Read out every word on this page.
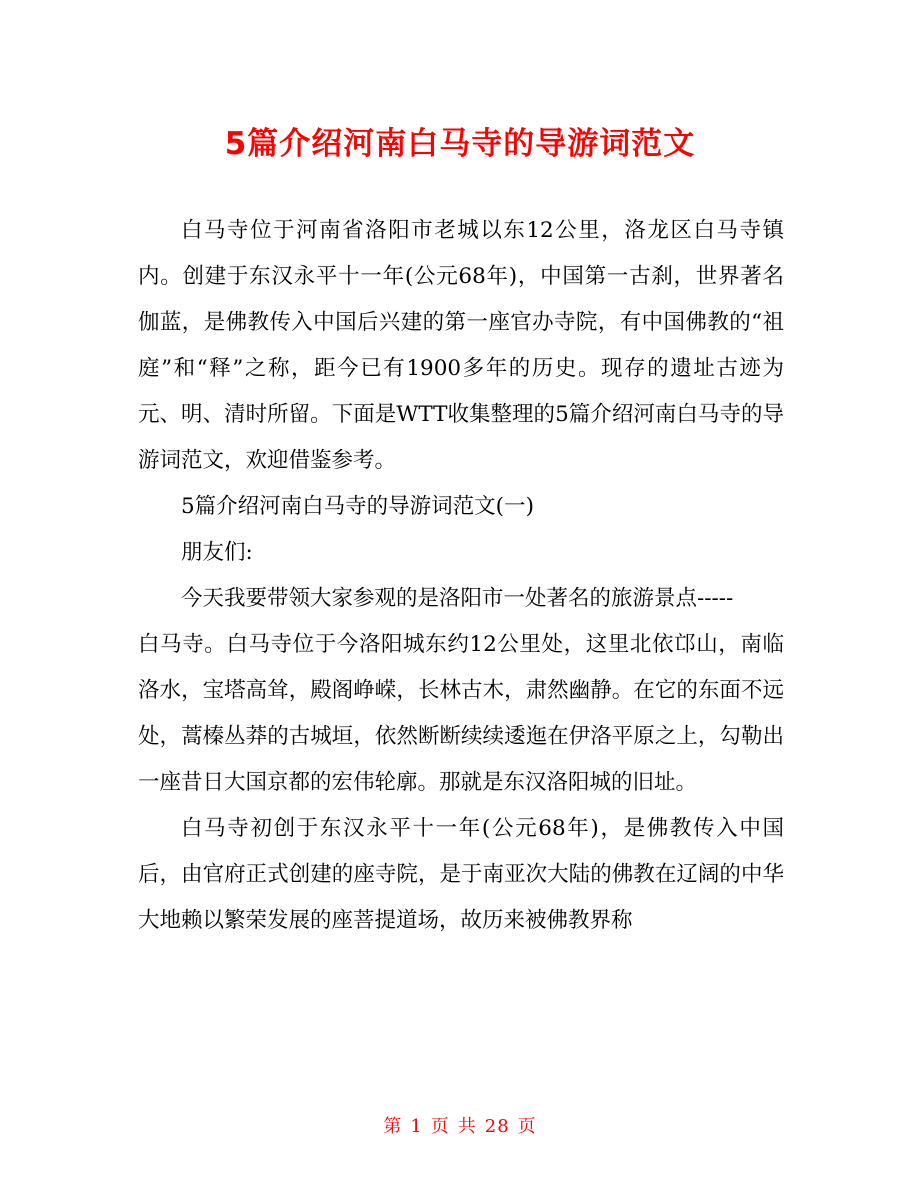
5篇介绍河南白马寺的导游词范文

白马寺位于河南省洛阳市老城以东12公里，洛龙区白马寺镇内。创建于东汉永平十一年(公元68年)，中国第一古刹，世界著名伽蓝，是佛教传入中国后兴建的第一座官办寺院，有中国佛教的“祖庭”和“释”之称，距今已有1900多年的历史。现存的遗址古迹为元、明、清时所留。下面是WTT收集整理的5篇介绍河南白马寺的导游词范文，欢迎借鉴参考。

5篇介绍河南白马寺的导游词范文(一)

朋友们:

今天我要带领大家参观的是洛阳市一处著名的旅游景点-----

白马寺。白马寺位于今洛阳城东约12公里处，这里北依邙山，南临洛水，宝塔高耸，殿阁峥嵘，长林古木，肃然幽静。在它的东面不远处，蒿榛丛莽的古城垣，依然断断续续逶迤在伊洛平原之上，勾勒出一座昔日大国京都的宏伟轮廓。那就是东汉洛阳城的旧址。

白马寺初创于东汉永平十一年(公元68年)，是佛教传入中国后，由官府正式创建的座寺院，是于南亚次大陆的佛教在辽阔的中华大地赖以繁荣发展的座菩提道场，故历来被佛教界称

第 1 页 共 28 页
